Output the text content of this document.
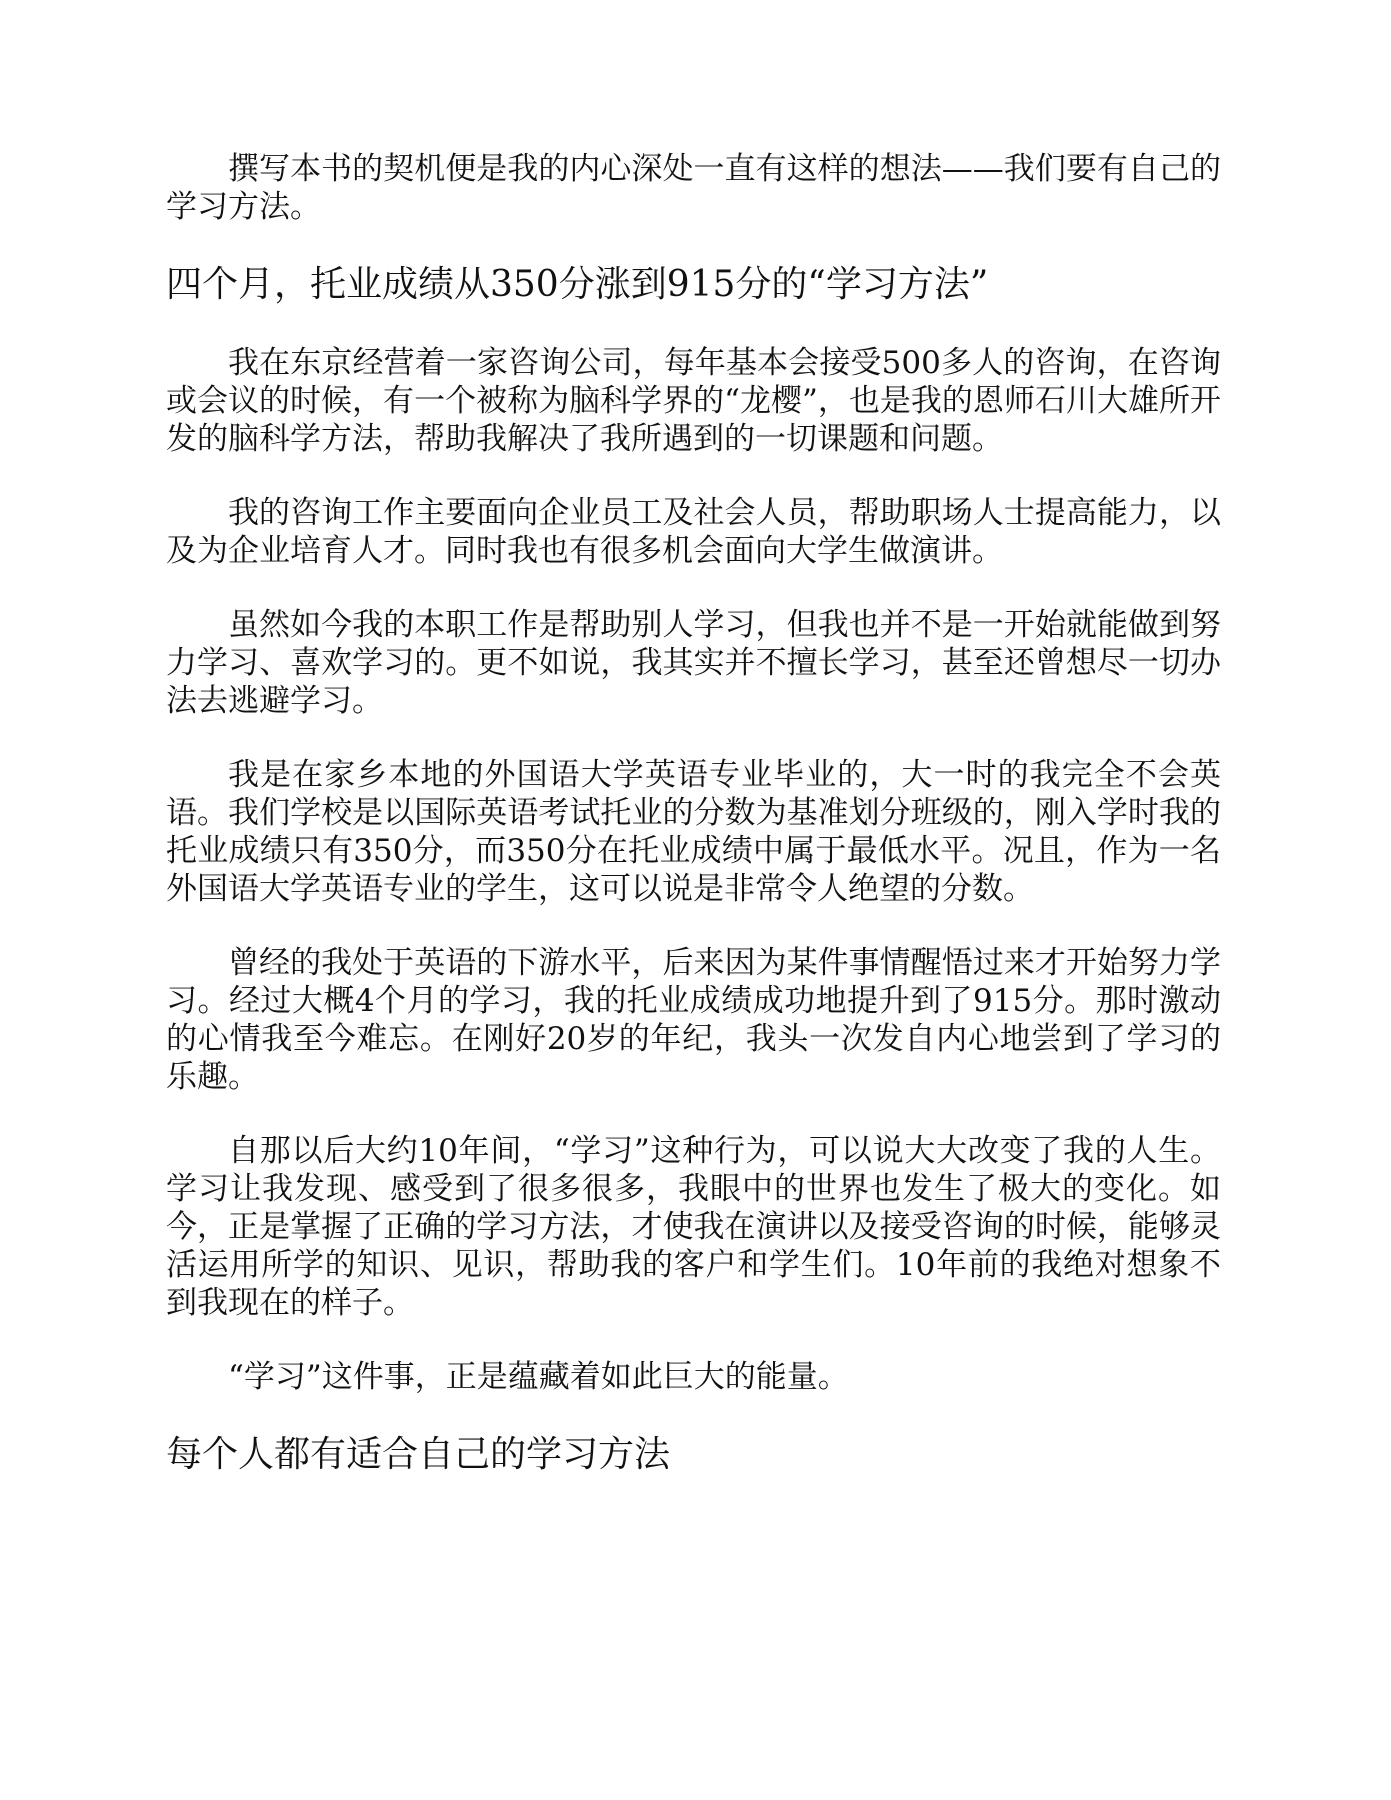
撰写本书的契机便是我的内心深处一直有这样的想法——我们要有自己的学习方法。

四个月，托业成绩从350分涨到915分的“学习方法”

我在东京经营着一家咨询公司，每年基本会接受500多人的咨询，在咨询或会议的时候，有一个被称为脑科学界的“龙樱”，也是我的恩师石川大雄所开发的脑科学方法，帮助我解决了我所遇到的一切课题和问题。

我的咨询工作主要面向企业员工及社会人员，帮助职场人士提高能力，以及为企业培育人才。同时我也有很多机会面向大学生做演讲。

虽然如今我的本职工作是帮助别人学习，但我也并不是一开始就能做到努力学习、喜欢学习的。更不如说，我其实并不擅长学习，甚至还曾想尽一切办法去逃避学习。

我是在家乡本地的外国语大学英语专业毕业的，大一时的我完全不会英语。我们学校是以国际英语考试托业的分数为基准划分班级的，刚入学时我的托业成绩只有350分，而350分在托业成绩中属于最低水平。况且，作为一名外国语大学英语专业的学生，这可以说是非常令人绝望的分数。

曾经的我处于英语的下游水平，后来因为某件事情醒悟过来才开始努力学习。经过大概4个月的学习，我的托业成绩成功地提升到了915分。那时激动的心情我至今难忘。在刚好20岁的年纪，我头一次发自内心地尝到了学习的乐趣。

自那以后大约10年间，“学习”这种行为，可以说大大改变了我的人生。学习让我发现、感受到了很多很多，我眼中的世界也发生了极大的变化。如今，正是掌握了正确的学习方法，才使我在演讲以及接受咨询的时候，能够灵活运用所学的知识、见识，帮助我的客户和学生们。10年前的我绝对想象不到我现在的样子。

“学习”这件事，正是蕴藏着如此巨大的能量。

每个人都有适合自己的学习方法
